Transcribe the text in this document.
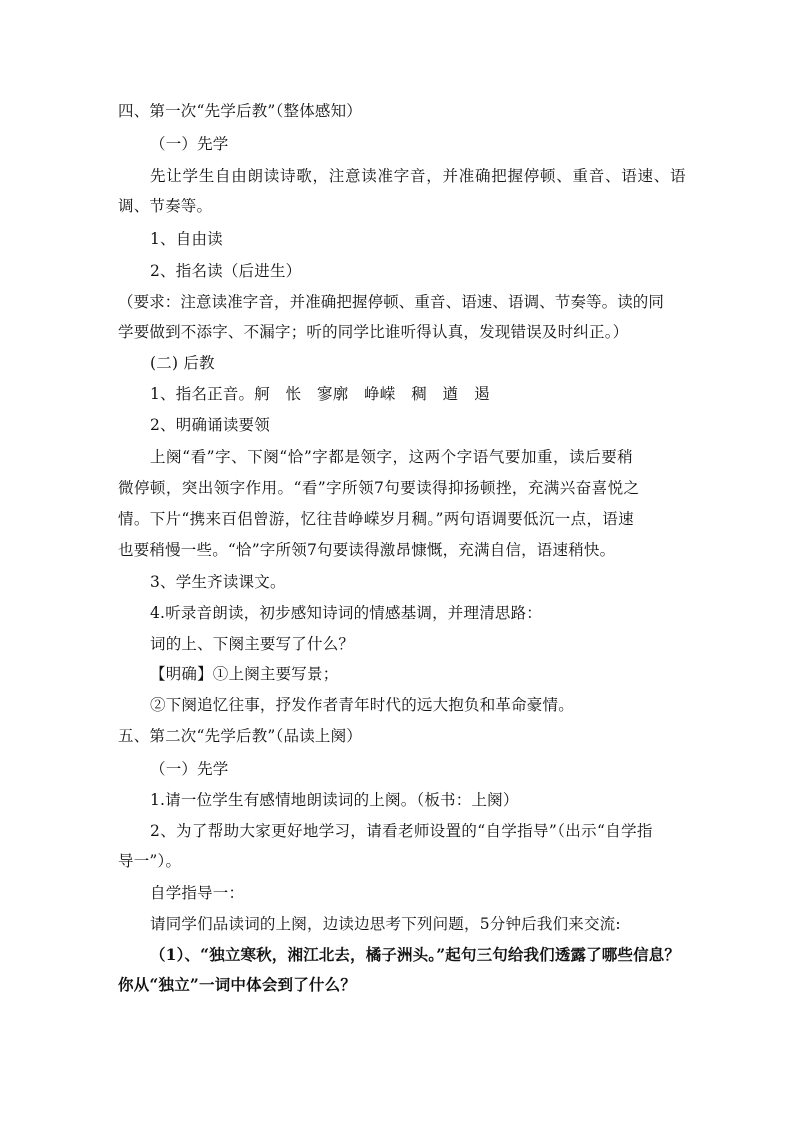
四、第一次“先学后教”（整体感知）
（一）先学
先让学生自由朗读诗歌，注意读准字音，并准确把握停顿、重音、语速、语
调、节奏等。
1、自由读
2、指名读（后进生）
（要求：注意读准字音，并准确把握停顿、重音、语速、语调、节奏等。读的同
学要做到不添字、不漏字；听的同学比谁听得认真，发现错误及时纠正。）
(二) 后教
1、指名正音。舸　怅　寥廓　峥嵘　稠　遒　遏
2、明确诵读要领
上阕“看”字、下阕“恰”字都是领字，这两个字语气要加重，读后要稍
微停顿，突出领字作用。“看”字所领7句要读得抑扬顿挫，充满兴奋喜悦之
情。下片“携来百侣曾游，忆往昔峥嵘岁月稠。”两句语调要低沉一点，语速
也要稍慢一些。“恰”字所领7句要读得激昂慷慨，充满自信，语速稍快。
3、学生齐读课文。
4.听录音朗读，初步感知诗词的情感基调，并理清思路：
词的上、下阕主要写了什么？
【明确】①上阕主要写景；
②下阕追忆往事，抒发作者青年时代的远大抱负和革命豪情。
五、第二次“先学后教”（品读上阕）
（一）先学
1.请一位学生有感情地朗读词的上阕。（板书：上阕）
2、为了帮助大家更好地学习，请看老师设置的“自学指导”（出示“自学指
导一”）。
自学指导一：
请同学们品读词的上阕，边读边思考下列问题，5分钟后我们来交流:
（1）、“独立寒秋，湘江北去，橘子洲头。”起句三句给我们透露了哪些信息？
你从“独立”一词中体会到了什么？
